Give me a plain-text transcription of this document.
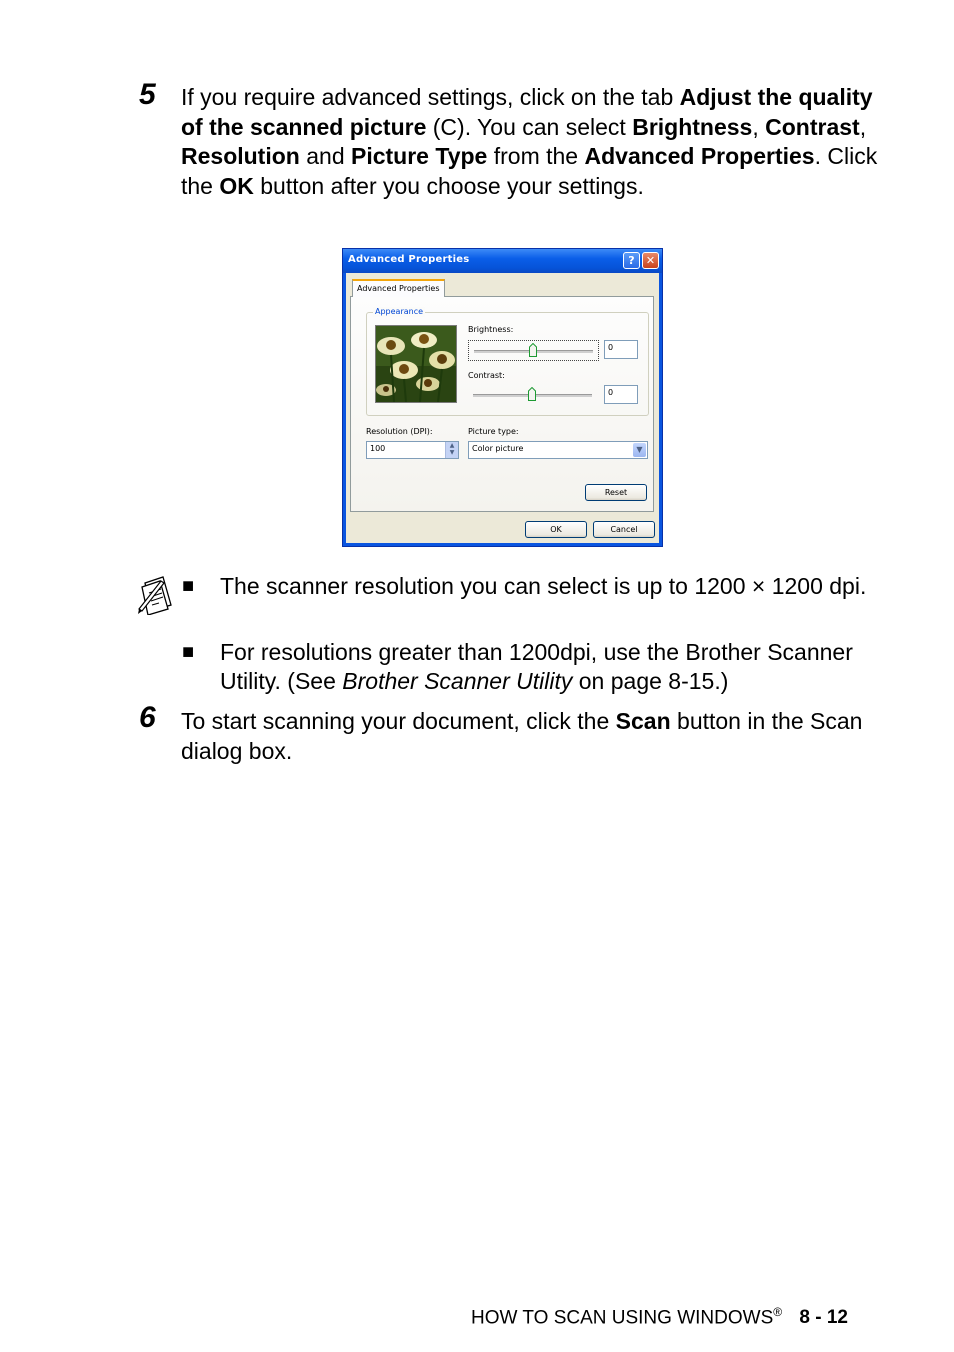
5 If you require advanced settings, click on the tab Adjust the quality of the scanned picture (C). You can select Brightness, Contrast, Resolution and Picture Type from the Advanced Properties. Click the OK button after you choose your settings.
Advanced Properties	?	✕
Advanced Properties
Appearance
Brightness:
0
Contrast:
0
Resolution (DPI):
100	▲
▼
Picture type:
Color picture	▼
Reset
OK	Cancel
■ The scanner resolution you can select is up to 1200 × 1200 dpi.
■ For resolutions greater than 1200dpi, use the Brother Scanner Utility. (See Brother Scanner Utility on page 8-15.)
6 To start scanning your document, click the Scan button in the Scan dialog box.
HOW TO SCAN USING WINDOWS® 8 - 12
